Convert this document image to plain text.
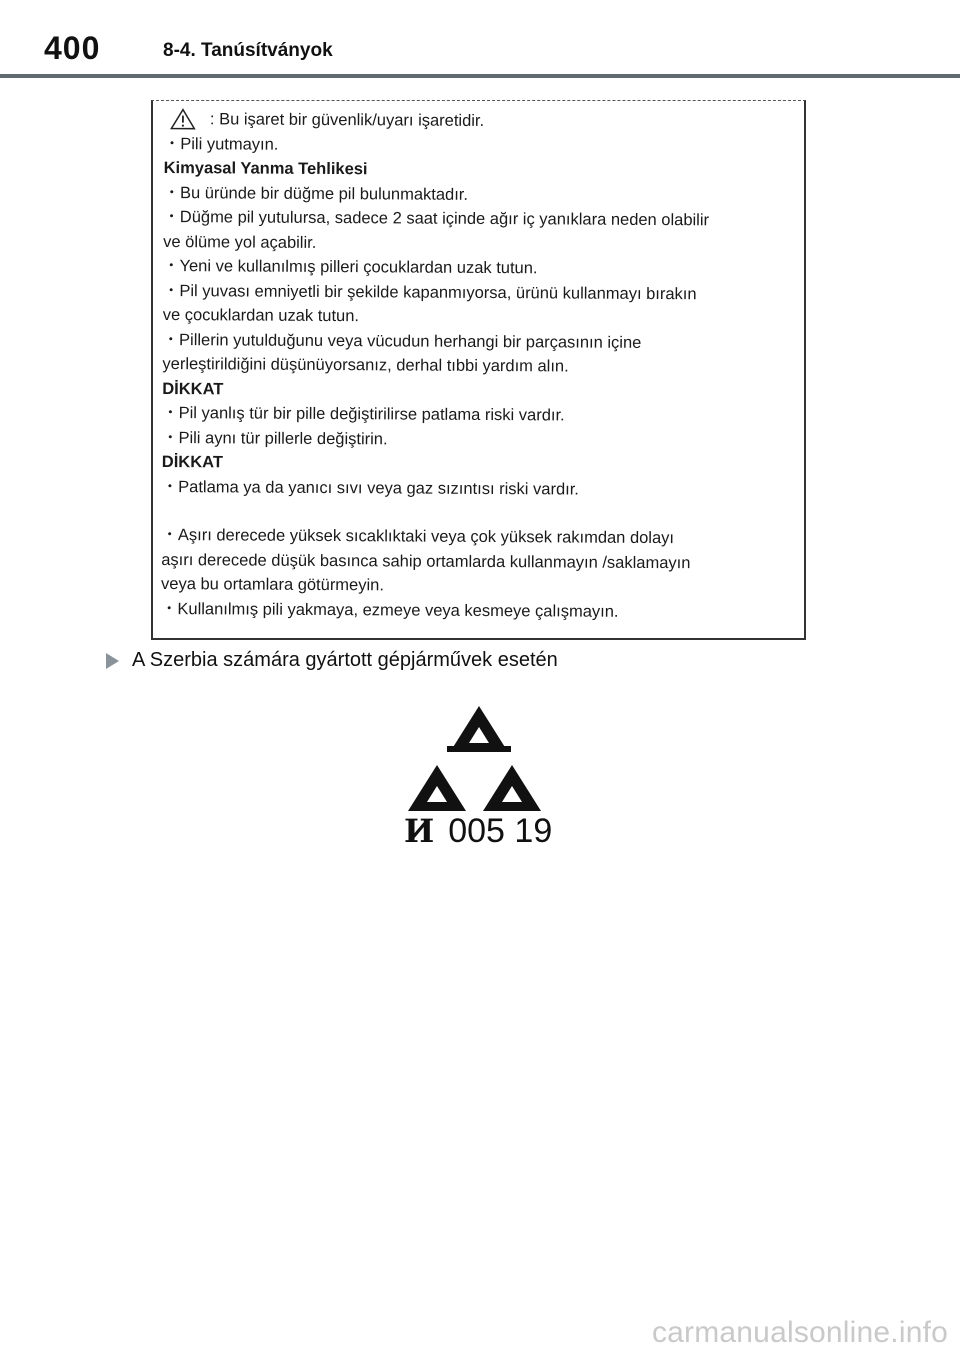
400	8-4. Tanúsítványok
: Bu işaret bir güvenlik/uyarı işaretidir.
・Pili yutmayın.
Kimyasal Yanma Tehlikesi
・Bu üründe bir düğme pil bulunmaktadır.
・Düğme pil yutulursa, sadece 2 saat içinde ağır iç yanıklara neden olabilir
ve ölüme yol açabilir.
・Yeni ve kullanılmış pilleri çocuklardan uzak tutun.
・Pil yuvası emniyetli bir şekilde kapanmıyorsa, ürünü kullanmayı bırakın
ve çocuklardan uzak tutun.
・Pillerin yutulduğunu veya vücudun herhangi bir parçasının içine
yerleştirildiğini düşünüyorsanız, derhal tıbbi yardım alın.
DİKKAT
・Pil yanlış tür bir pille değiştirilirse patlama riski vardır.
・Pili aynı tür pillerle değiştirin.
DİKKAT
・Patlama ya da yanıcı sıvı veya gaz sızıntısı riski vardır.
・Aşırı derecede yüksek sıcaklıktaki veya çok yüksek rakımdan dolayı
aşırı derecede düşük basınca sahip ortamlarda kullanmayın /saklamayın
veya bu ortamlara götürmeyin.
・Kullanılmış pili yakmaya, ezmeye veya kesmeye çalışmayın.
A Szerbia számára gyártott gépjárművek esetén
И 005 19
carmanualsonline.info
